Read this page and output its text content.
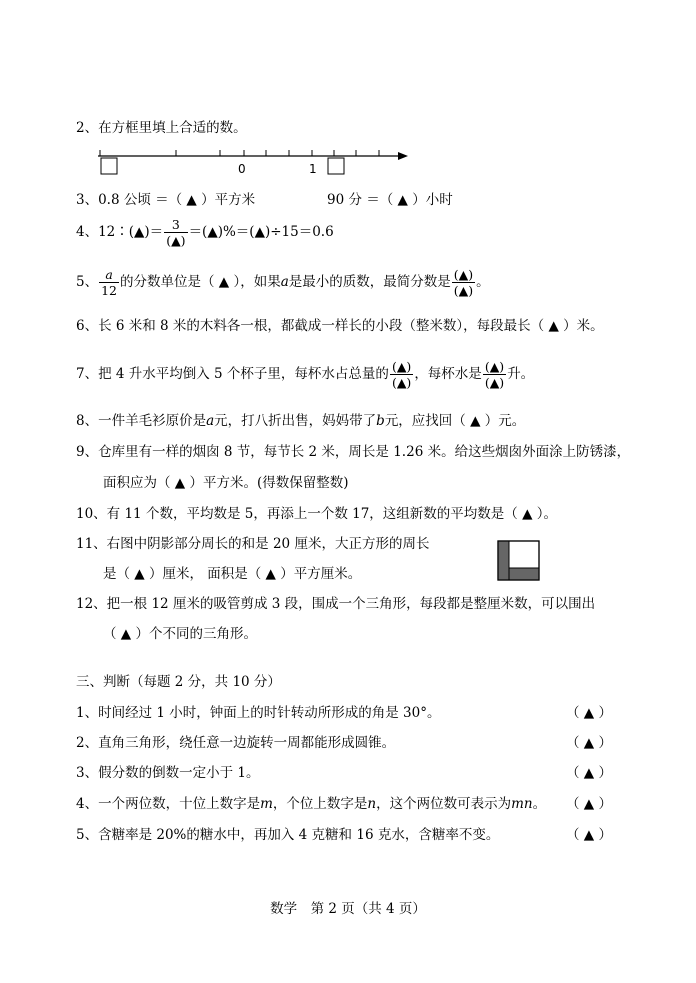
2、在方框里填上合适的数。
0	1
3、0.8 公顷 ＝（ ▲ ）平方米	90 分 ＝（ ▲ ）小时
4、12∶(▲)＝ $\frac{3}{(▲)}$ ＝(▲)%＝(▲)÷15＝0.6
5、 $\frac{a}{12}$ 的分数单位是（ ▲ ），如果a是最小的质数，最简分数是 $\frac{(▲)}{(▲)}$ 。
6、长 6 米和 8 米的木料各一根，都截成一样长的小段（整米数），每段最长（ ▲ ）米。
7、把 4 升水平均倒入 5 个杯子里，每杯水占总量的 $\frac{(▲)}{(▲)}$ ，每杯水是 $\frac{(▲)}{(▲)}$ 升。
8、一件羊毛衫原价是a元，打八折出售，妈妈带了b元，应找回（ ▲ ）元。
9、仓库里有一样的烟囱 8 节，每节长 2 米，周长是 1.26 米。给这些烟囱外面涂上防锈漆，
面积应为（ ▲ ）平方米。(得数保留整数)
10、有 11 个数，平均数是 5，再添上一个数 17，这组新数的平均数是（ ▲ ）。
11、右图中阴影部分周长的和是 20 厘米，大正方形的周长
是（ ▲ ）厘米， 面积是（ ▲ ）平方厘米。
12、把一根 12 厘米的吸管剪成 3 段，围成一个三角形，每段都是整厘米数，可以围出
（ ▲ ）个不同的三角形。
三、判断（每题 2 分，共 10 分）
1、时间经过 1 小时，钟面上的时针转动所形成的角是 30°。	（ ▲ ）
2、直角三角形，绕任意一边旋转一周都能形成圆锥。	（ ▲ ）
3、假分数的倒数一定小于 1。	（ ▲ ）
4、一个两位数，十位上数字是m，个位上数字是n，这个两位数可表示为mn。 （ ▲ ）
5、含糖率是 20%的糖水中，再加入 4 克糖和 16 克水，含糖率不变。	（ ▲ ）
数学　第 2 页（共 4 页）
